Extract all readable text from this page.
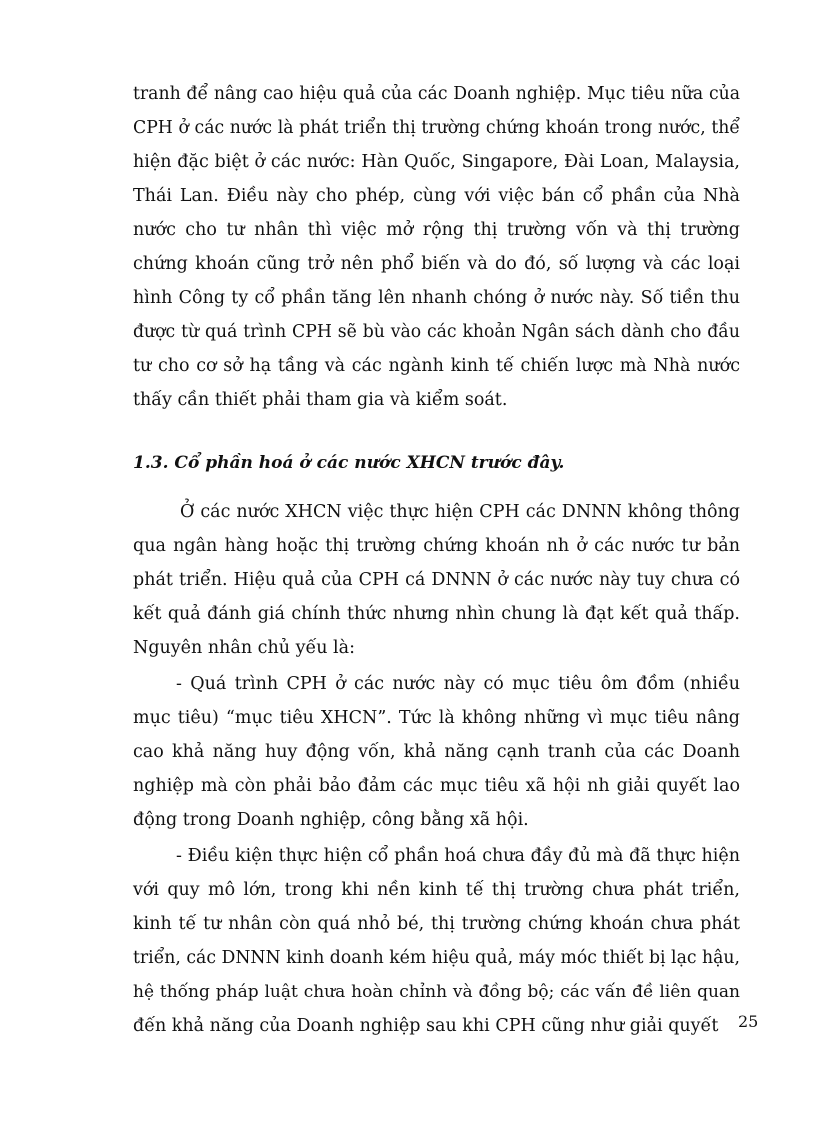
tranh để nâng cao hiệu quả của các Doanh nghiệp. Mục tiêu nữa của
CPH ở các nước là phát triển thị trường chứng khoán trong nước, thể
hiện đặc biệt ở các nước: Hàn Quốc, Singapore, Đài Loan, Malaysia,
Thái Lan. Điều này cho phép, cùng với việc bán cổ phần của Nhà
nước cho tư nhân thì việc mở rộng thị trường vốn và thị trường
chứng khoán cũng trở nên phổ biến và do đó, số lượng và các loại
hình Công ty cổ phần tăng lên nhanh chóng ở nước này. Số tiền thu
được từ quá trình CPH sẽ bù vào các khoản Ngân sách dành cho đầu
tư cho cơ sở hạ tầng và các ngành kinh tế chiến lược mà Nhà nước
thấy cần thiết phải tham gia và kiểm soát.
1.3. Cổ phần hoá ở các nước XHCN trước đây.
Ở các nước XHCN việc thực hiện CPH các DNNN không thông
qua ngân hàng hoặc thị trường chứng khoán nh ở các nước tư bản
phát triển. Hiệu quả của CPH cá DNNN ở các nước này tuy chưa có
kết quả đánh giá chính thức nhưng nhìn chung là đạt kết quả thấp.
Nguyên nhân chủ yếu là:
- Quá trình CPH ở các nước này có mục tiêu ôm đồm (nhiều
mục tiêu) “mục tiêu XHCN”. Tức là không những vì mục tiêu nâng
cao khả năng huy động vốn, khả năng cạnh tranh của các Doanh
nghiệp mà còn phải bảo đảm các mục tiêu xã hội nh giải quyết lao
động trong Doanh nghiệp, công bằng xã hội.
- Điều kiện thực hiện cổ phần hoá chưa đầy đủ mà đã thực hiện
với quy mô lớn, trong khi nền kinh tế thị trường chưa phát triển,
kinh tế tư nhân còn quá nhỏ bé, thị trường chứng khoán chưa phát
triển, các DNNN kinh doanh kém hiệu quả, máy móc thiết bị lạc hậu,
hệ thống pháp luật chưa hoàn chỉnh và đồng bộ; các vấn đề liên quan
đến khả năng của Doanh nghiệp sau khi CPH cũng như giải quyết	25
